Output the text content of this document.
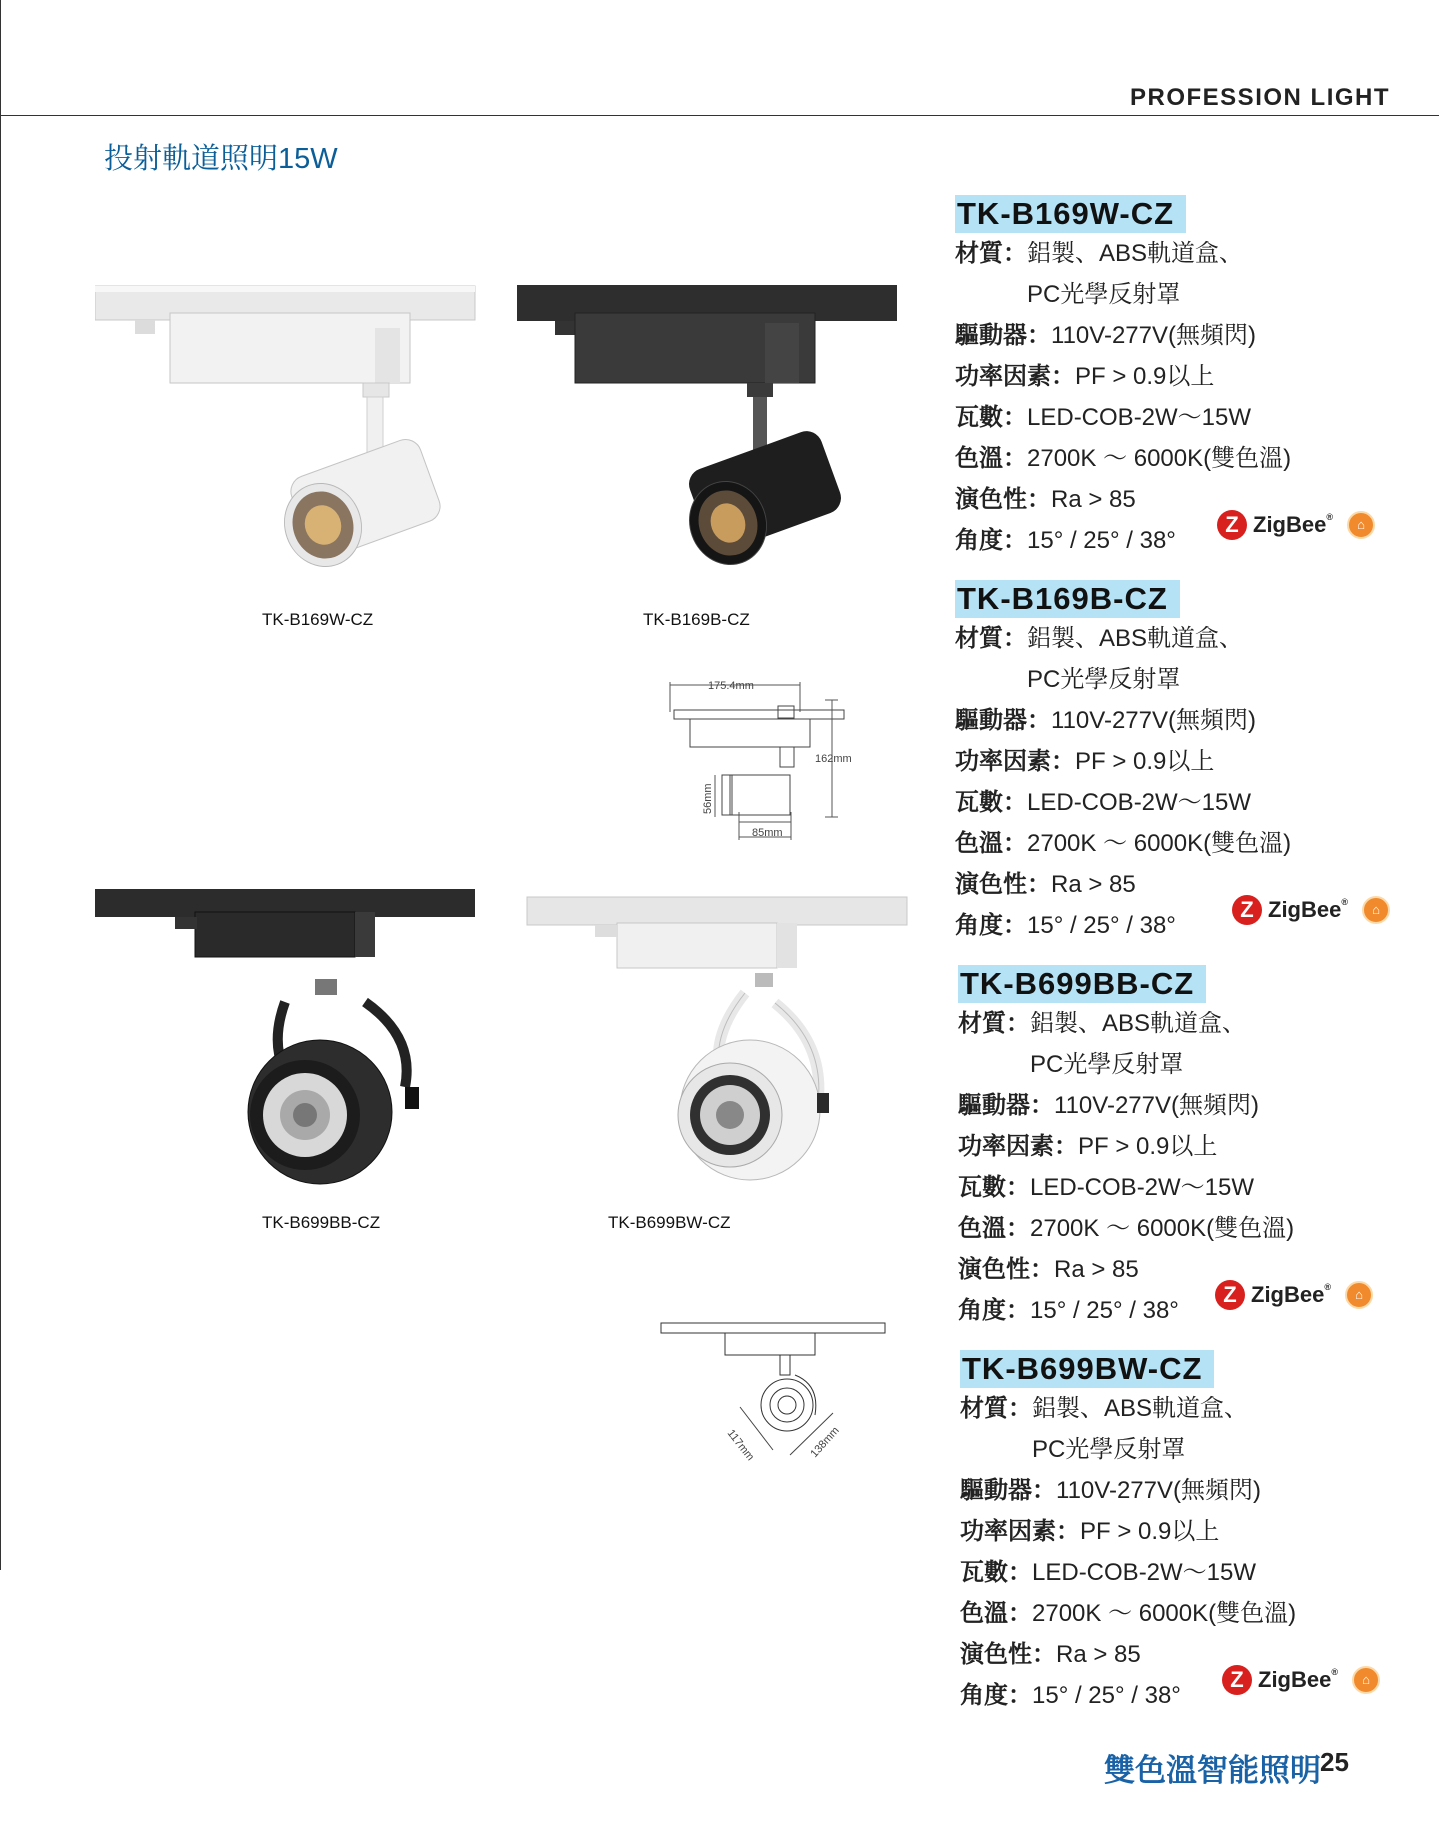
PROFESSION LIGHT
投射軌道照明15W
TK-B169W-CZ	TK-B169B-CZ
175.4mm
162mm
56mm
85mm
TK-B699BB-CZ	TK-B699BW-CZ
117mm	138mm
TK-B169W-CZ
材質：鋁製、ABS軌道盒、
PC光學反射罩
驅動器：110V-277V(無頻閃)
功率因素：PF > 0.9以上
瓦數：LED-COB-2W～15W
色溫：2700K ～ 6000K(雙色溫)
演色性：Ra > 85
角度：15° / 25° / 38°
Z ZigBee®	⌂
TK-B169B-CZ
材質：鋁製、ABS軌道盒、
PC光學反射罩
驅動器：110V-277V(無頻閃)
功率因素：PF > 0.9以上
瓦數：LED-COB-2W～15W
色溫：2700K ～ 6000K(雙色溫)
演色性：Ra > 85
角度：15° / 25° / 38°
Z ZigBee®	⌂
TK-B699BB-CZ
材質：鋁製、ABS軌道盒、
PC光學反射罩
驅動器：110V-277V(無頻閃)
功率因素：PF > 0.9以上
瓦數：LED-COB-2W～15W
色溫：2700K ～ 6000K(雙色溫)
演色性：Ra > 85
角度：15° / 25° / 38°
Z ZigBee®	⌂
TK-B699BW-CZ
材質：鋁製、ABS軌道盒、
PC光學反射罩
驅動器：110V-277V(無頻閃)
功率因素：PF > 0.9以上
瓦數：LED-COB-2W～15W
色溫：2700K ～ 6000K(雙色溫)
演色性：Ra > 85
角度：15° / 25° / 38°
Z ZigBee®	⌂
雙色溫智能照明 25
